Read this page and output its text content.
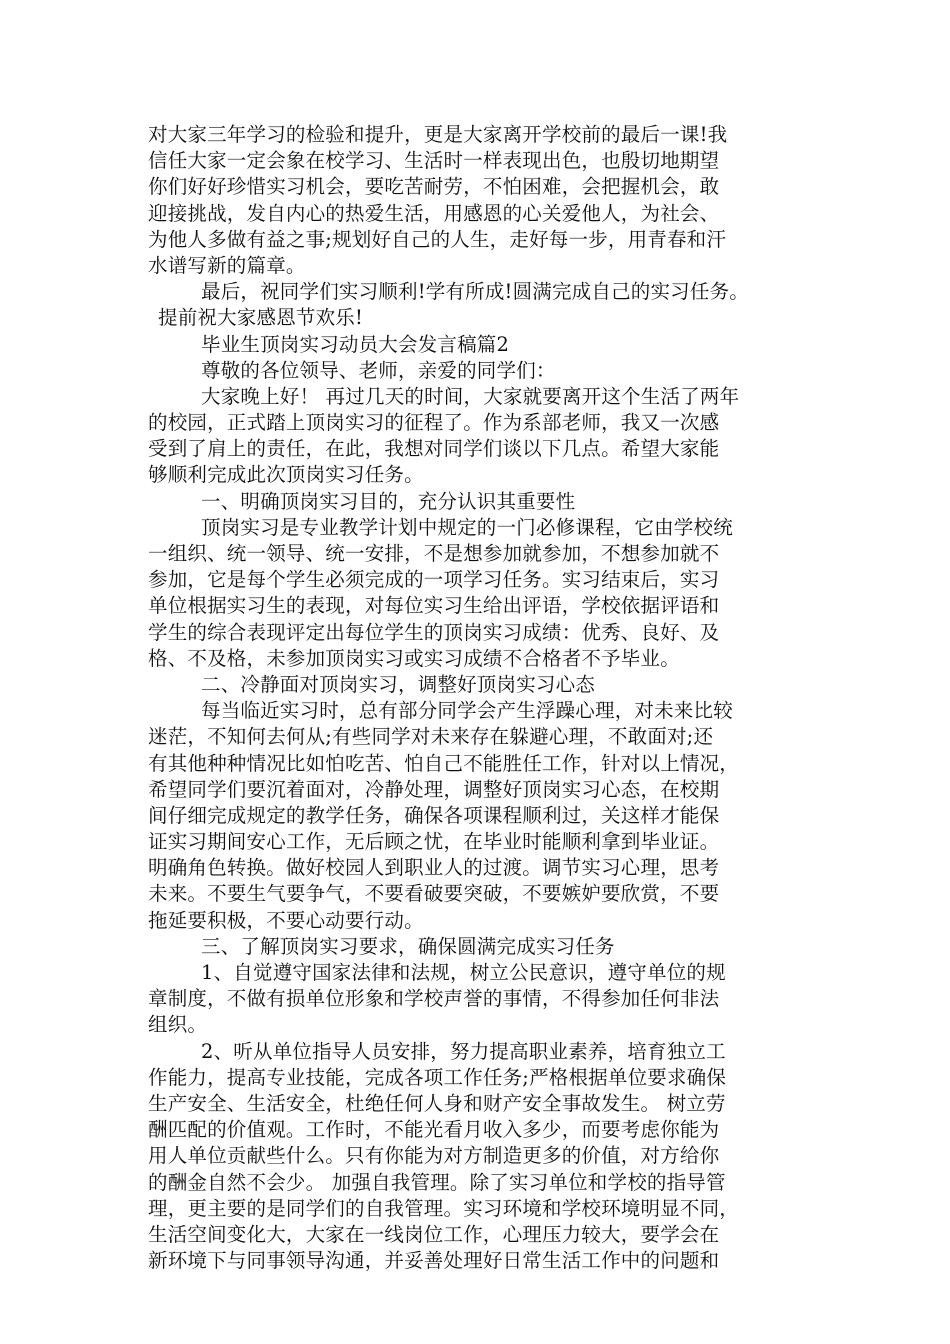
对大家三年学习的检验和提升，更是大家离开学校前的最后一课!我
信任大家一定会象在校学习、生活时一样表现出色，也殷切地期望
你们好好珍惜实习机会，要吃苦耐劳，不怕困难，会把握机会，敢
迎接挑战，发自内心的热爱生活，用感恩的心关爱他人，为社会、
为他人多做有益之事;规划好自己的人生，走好每一步，用青春和汗
水谱写新的篇章。
最后，祝同学们实习顺利!学有所成!圆满完成自己的实习任务。
提前祝大家感恩节欢乐!
毕业生顶岗实习动员大会发言稿篇2
尊敬的各位领导、老师，亲爱的同学们：
大家晚上好！ 再过几天的时间，大家就要离开这个生活了两年
的校园，正式踏上顶岗实习的征程了。作为系部老师，我又一次感
受到了肩上的责任，在此，我想对同学们谈以下几点。希望大家能
够顺利完成此次顶岗实习任务。
一、明确顶岗实习目的，充分认识其重要性
顶岗实习是专业教学计划中规定的一门必修课程，它由学校统
一组织、统一领导、统一安排，不是想参加就参加，不想参加就不
参加，它是每个学生必须完成的一项学习任务。实习结束后，实习
单位根据实习生的表现，对每位实习生给出评语，学校依据评语和
学生的综合表现评定出每位学生的顶岗实习成绩：优秀、良好、及
格、不及格，未参加顶岗实习或实习成绩不合格者不予毕业。
二、冷静面对顶岗实习，调整好顶岗实习心态
每当临近实习时，总有部分同学会产生浮躁心理，对未来比较
迷茫，不知何去何从;有些同学对未来存在躲避心理，不敢面对;还
有其他种种情况比如怕吃苦、怕自己不能胜任工作，针对以上情况，
希望同学们要沉着面对，冷静处理，调整好顶岗实习心态，在校期
间仔细完成规定的教学任务，确保各项课程顺利过，关这样才能保
证实习期间安心工作，无后顾之忧，在毕业时能顺利拿到毕业证。
明确角色转换。做好校园人到职业人的过渡。调节实习心理，思考
未来。不要生气要争气，不要看破要突破，不要嫉妒要欣赏，不要
拖延要积极，不要心动要行动。
三、了解顶岗实习要求，确保圆满完成实习任务
1、自觉遵守国家法律和法规，树立公民意识，遵守单位的规
章制度，不做有损单位形象和学校声誉的事情，不得参加任何非法
组织。
2、听从单位指导人员安排，努力提高职业素养，培育独立工
作能力，提高专业技能，完成各项工作任务;严格根据单位要求确保
生产安全、生活安全，杜绝任何人身和财产安全事故发生。 树立劳
酬匹配的价值观。工作时，不能光看月收入多少，而要考虑你能为
用人单位贡献些什么。只有你能为对方制造更多的价值，对方给你
的酬金自然不会少。 加强自我管理。除了实习单位和学校的指导管
理，更主要的是同学们的自我管理。实习环境和学校环境明显不同，
生活空间变化大，大家在一线岗位工作，心理压力较大，要学会在
新环境下与同事领导沟通，并妥善处理好日常生活工作中的问题和
